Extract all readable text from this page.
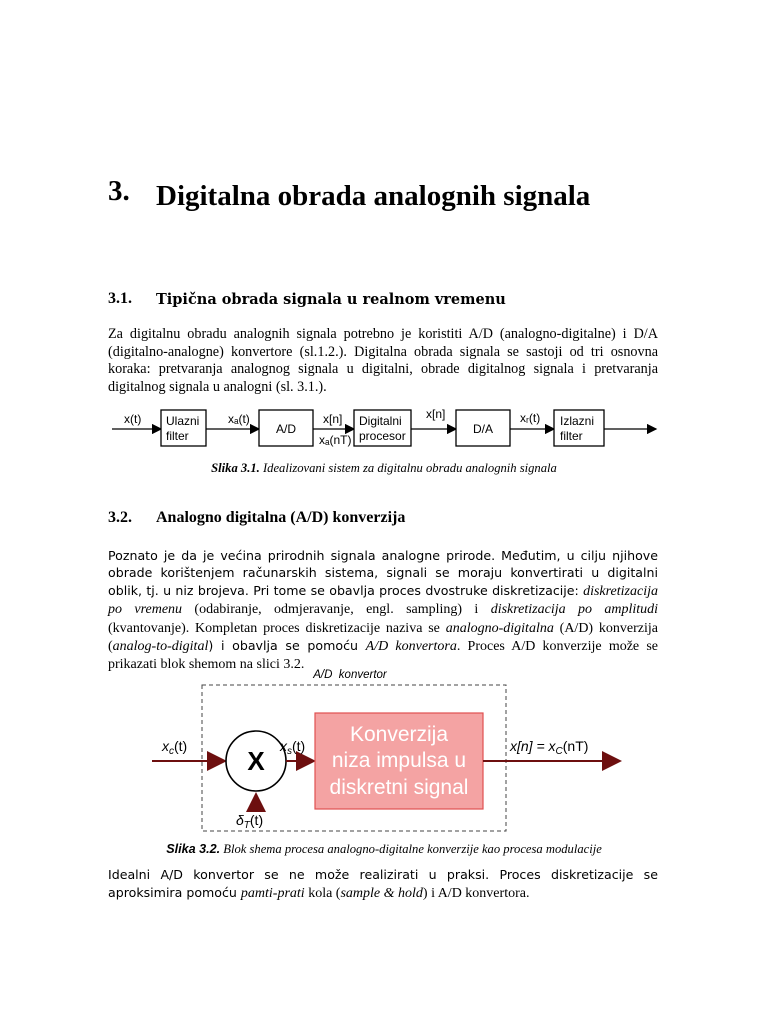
3. Digitalna obrada analognih signala
3.1. Tipična obrada signala u realnom vremenu
Za digitalnu obradu analognih signala potrebno je koristiti A/D (analogno-digitalne) i D/A (digitalno-analogne) konvertore (sl.1.2.). Digitalna obrada signala se sastoji od tri osnovna koraka: pretvaranja analognog signala u digitalni, obrade digitalnog signala i pretvaranja digitalnog signala u analogni (sl. 3.1.).
Ulazni
filter	A/D
Digitalni
procesor	D/A
Izlazni
filter
x(t)	xₐ(t)	x[n]
xₐ(nT)
x[n]	xᵣ(t)
Slika 3.1. Idealizovani sistem za digitalnu obradu analognih signala
3.2. Analogno digitalna (A/D) konverzija
Poznato je da je većina prirodnih signala analogne prirode. Međutim, u cilju njihove obrade korištenjem računarskih sistema, signali se moraju konvertirati u digitalni oblik, tj. u niz brojeva. Pri tome se obavlja proces dvostruke diskretizacije: diskretizacija po vremenu (odabiranje, odmjeravanje, engl. sampling) i diskretizacija po amplitudi (kvantovanje). Kompletan proces diskretizacije naziva se analogno-digitalna (A/D) konverzija (analog-to-digital) i obavlja se pomoću A/D konvertora. Proces A/D konverzije može se prikazati blok shemom na slici 3.2.
A/D  konvertor
X
Konverzija
niza impulsa u
diskretni signal
$x_c(t)$	$x_s(t)$
$\delta_T(t)$
$x[n] = x_C(nT)$
Slika 3.2. Blok shema procesa analogno-digitalne konverzije kao procesa modulacije
Idealni A/D konvertor se ne može realizirati u praksi. Proces diskretizacije se aproksimira pomoću pamti-prati kola (sample & hold) i A/D konvertora.
